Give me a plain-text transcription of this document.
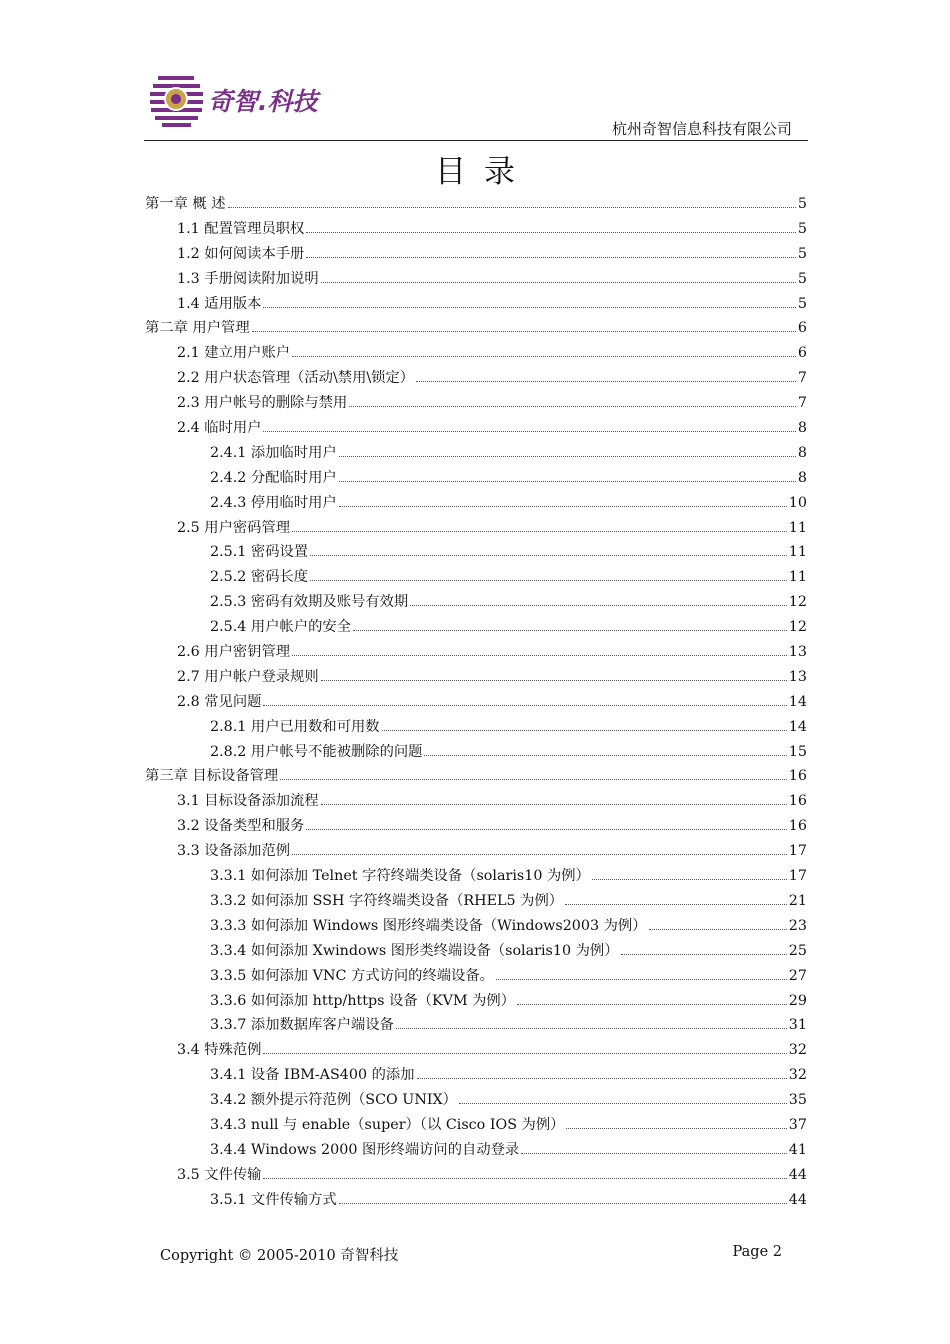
奇智.科技
杭州奇智信息科技有限公司
目录
第一章 概 述	5
1.1 配置管理员职权	5
1.2 如何阅读本手册	5
1.3 手册阅读附加说明	5
1.4 适用版本	5
第二章 用户管理	6
2.1 建立用户账户	6
2.2 用户状态管理（活动\禁用\锁定）	7
2.3 用户帐号的删除与禁用	7
2.4 临时用户	8
2.4.1 添加临时用户	8
2.4.2 分配临时用户	8
2.4.3 停用临时用户	10
2.5 用户密码管理	11
2.5.1 密码设置	11
2.5.2 密码长度	11
2.5.3 密码有效期及账号有效期	12
2.5.4 用户帐户的安全	12
2.6 用户密钥管理	13
2.7 用户帐户登录规则	13
2.8 常见问题	14
2.8.1 用户已用数和可用数	14
2.8.2 用户帐号不能被删除的问题	15
第三章 目标设备管理	16
3.1 目标设备添加流程	16
3.2 设备类型和服务	16
3.3 设备添加范例	17
3.3.1 如何添加 Telnet 字符终端类设备（solaris10 为例）	17
3.3.2 如何添加 SSH 字符终端类设备（RHEL5 为例）	21
3.3.3 如何添加 Windows 图形终端类设备（Windows2003 为例）	23
3.3.4 如何添加 Xwindows 图形类终端设备（solaris10 为例）	25
3.3.5 如何添加 VNC 方式访问的终端设备。	27
3.3.6 如何添加 http/https 设备（KVM 为例）	29
3.3.7 添加数据库客户端设备	31
3.4 特殊范例	32
3.4.1 设备 IBM-AS400 的添加	32
3.4.2 额外提示符范例（SCO UNIX）	35
3.4.3 null 与 enable（super）（以 Cisco IOS 为例）	37
3.4.4 Windows 2000 图形终端访问的自动登录	41
3.5 文件传输	44
3.5.1 文件传输方式	44
Copyright © 2005-2010 奇智科技	Page 2
